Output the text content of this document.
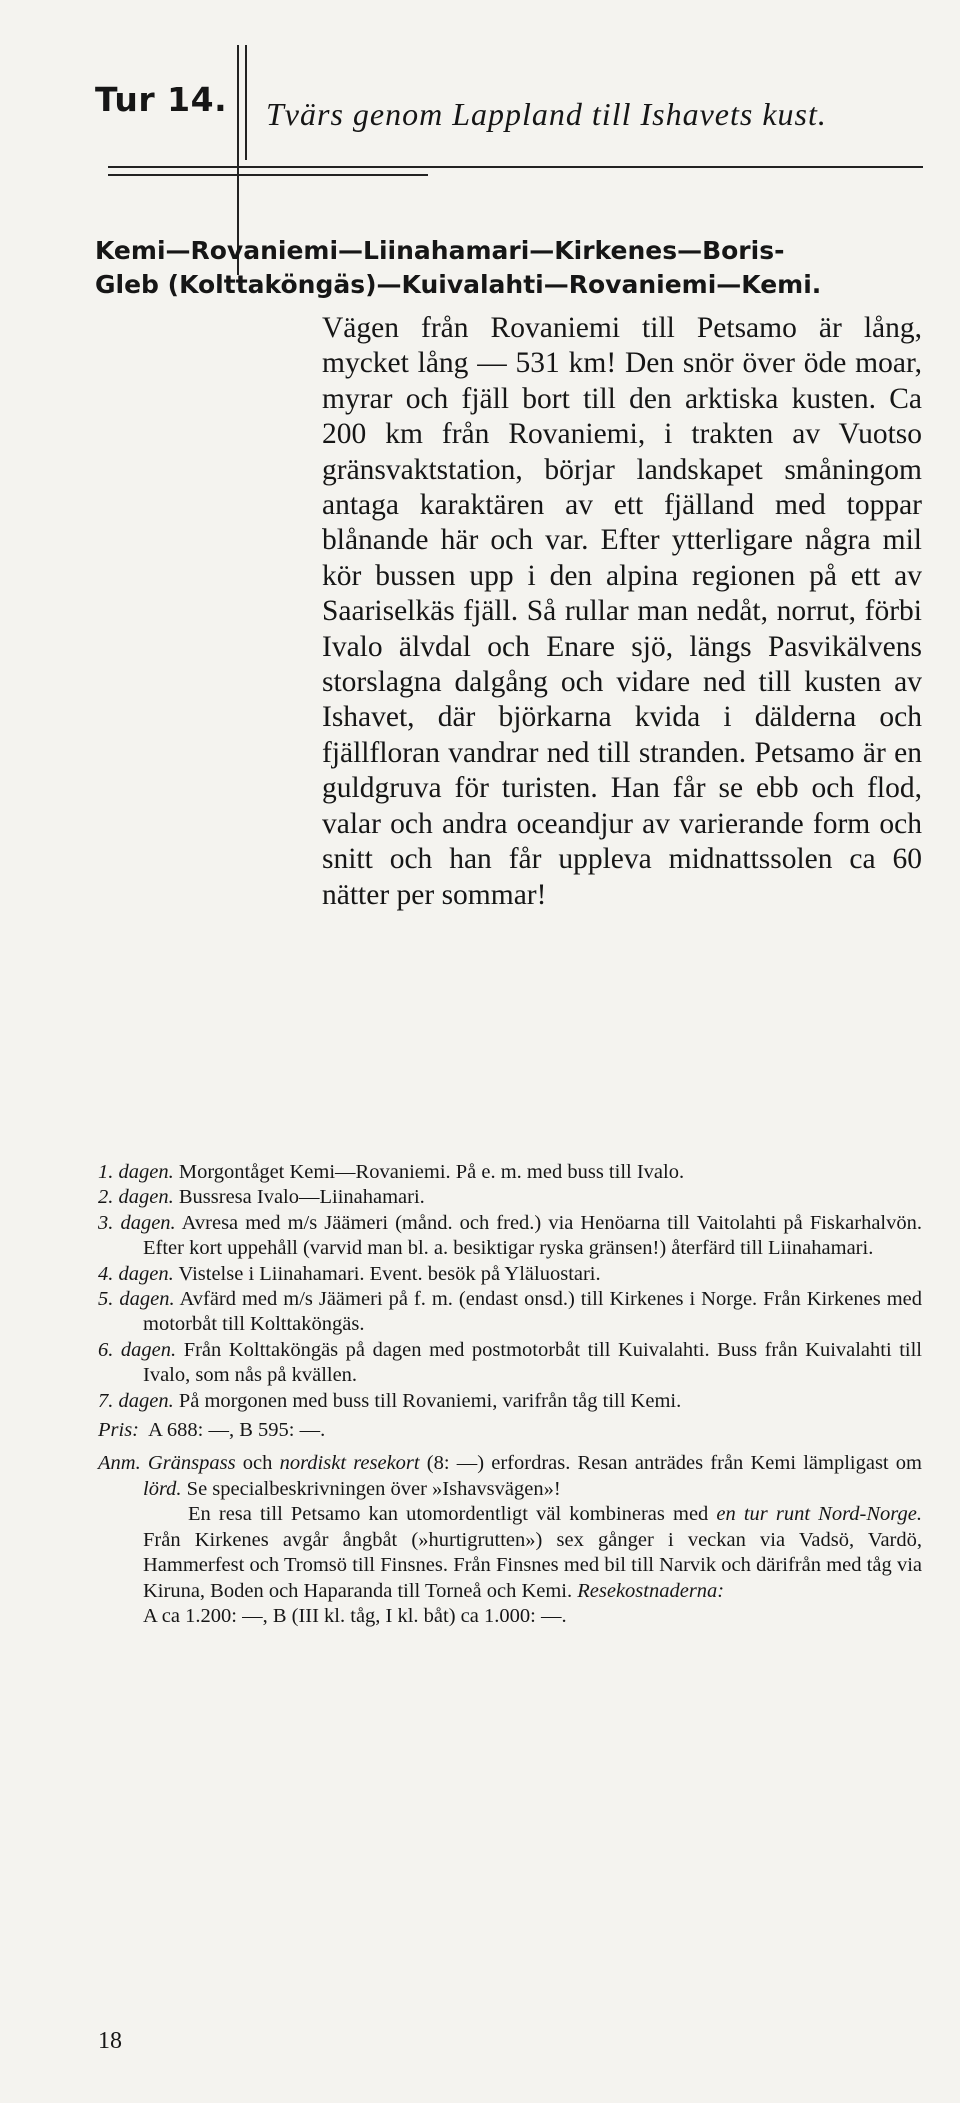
Tur 14. Tvärs genom Lappland till Ishavets kust.
Kemi—Rovaniemi—Liinahamari—Kirkenes—Boris-
Gleb (Kolttaköngäs)—Kuivalahti—Rovaniemi—Kemi.
Vägen från Rovaniemi till Petsamo är lång, mycket lång — 531 km! Den snör över öde moar, myrar och fjäll bort till den arktiska kusten. Ca 200 km från Rovaniemi, i trakten av Vuotso gränsvaktstation, börjar landskapet småningom antaga karaktären av ett fjälland med toppar blånande här och var. Efter ytterligare några mil kör bussen upp i den alpina regionen på ett av Saariselkäs fjäll. Så rullar man nedåt, norrut, förbi Ivalo älvdal och Enare sjö, längs Pasvikälvens storslagna dalgång och vidare ned till kusten av Ishavet, där björkarna kvida i dälderna och fjällfloran vandrar ned till stranden. Petsamo är en guldgruva för turisten. Han får se ebb och flod, valar och andra oceandjur av varierande form och snitt och han får uppleva midnattssolen ca 60 nätter per sommar!

1. dagen. Morgontåget Kemi—Rovaniemi. På e. m. med buss till Ivalo.

2. dagen. Bussresa Ivalo—Liinahamari.

3. dagen. Avresa med m/s Jäämeri (månd. och fred.) via Henöarna till Vaitolahti på Fiskarhalvön. Efter kort uppehåll (varvid man bl. a. besiktigar ryska gränsen!) återfärd till Liinahamari.

4. dagen. Vistelse i Liinahamari. Event. besök på Yläluostari.

5. dagen. Avfärd med m/s Jäämeri på f. m. (endast onsd.) till Kirkenes i Norge. Från Kirkenes med motorbåt till Kolttaköngäs.

6. dagen. Från Kolttaköngäs på dagen med postmotorbåt till Kuivalahti. Buss från Kuivalahti till Ivalo, som nås på kvällen.

7. dagen. På morgonen med buss till Rovaniemi, varifrån tåg till Kemi.

Pris: A 688: —, B 595: —.

Anm. Gränspass och nordiskt resekort (8: —) erfordras. Resan anträdes från Kemi lämpligast om lörd. Se specialbeskrivningen över »Ishavsvägen»!

En resa till Petsamo kan utomordentligt väl kombineras med en tur runt Nord-Norge. Från Kirkenes avgår ångbåt (»hurtigrutten») sex gånger i veckan via Vadsö, Vardö, Hammerfest och Tromsö till Finsnes. Från Finsnes med bil till Narvik och därifrån med tåg via Kiruna, Boden och Haparanda till Torneå och Kemi. Resekostnaderna:

A ca 1.200: —, B (III kl. tåg, I kl. båt) ca 1.000: —.

18
